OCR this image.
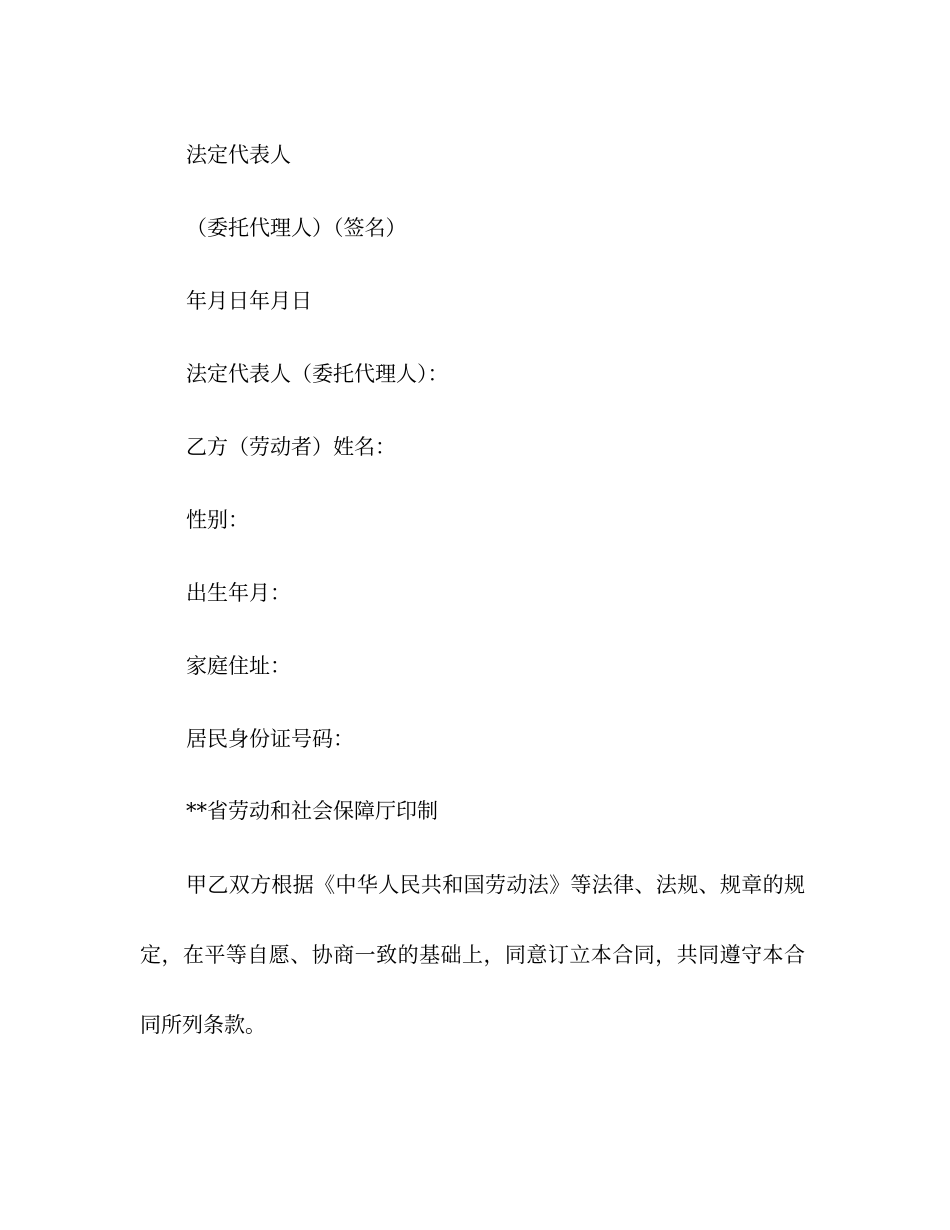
法定代表人
（委托代理人）（签名）
年月日年月日
法定代表人（委托代理人）：
乙方（劳动者）姓名：
性别：
出生年月：
家庭住址：
居民身份证号码：
**省劳动和社会保障厅印制
甲乙双方根据《中华人民共和国劳动法》等法律、法规、规章的规定，在平等自愿、协商一致的基础上，同意订立本合同，共同遵守本合同所列条款。
